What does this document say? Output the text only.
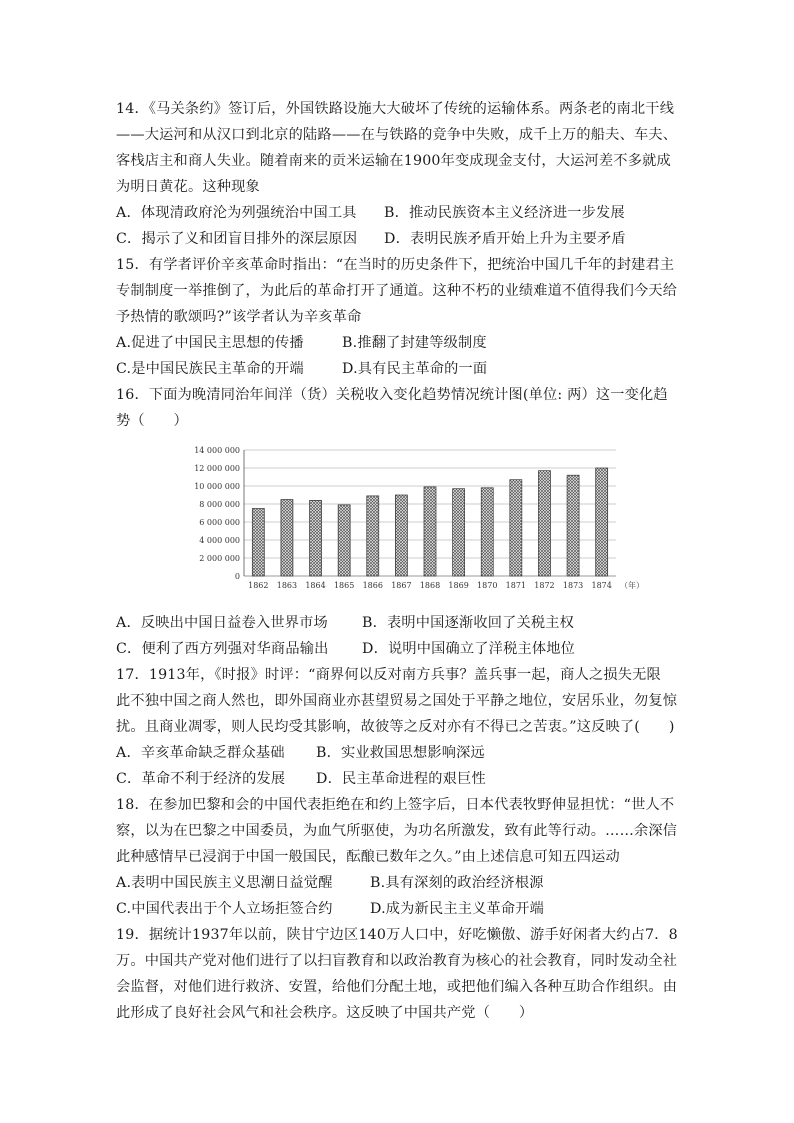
14．《马关条约》签订后，外国铁路设施大大破坏了传统的运输体系。两条老的南北干线
——大运河和从汉口到北京的陆路——在与铁路的竞争中失败，成千上万的船夫、车夫、
客栈店主和商人失业。随着南来的贡米运输在1900年变成现金支付，大运河差不多就成
为明日黄花。这种现象
A．体现清政府沦为列强统治中国工具	B．推动民族资本主义经济进一步发展
C．揭示了义和团盲目排外的深层原因	D．表明民族矛盾开始上升为主要矛盾
15．有学者评价辛亥革命时指出：“在当时的历史条件下，把统治中国几千年的封建君主
专制制度一举推倒了，为此后的革命打开了通道。这种不朽的业绩难道不值得我们今天给
予热情的歌颂吗?”该学者认为辛亥革命
A.促进了中国民主思想的传播	B.推翻了封建等级制度
C.是中国民族民主革命的开端	D.具有民主革命的一面
16．下面为晚清同治年间洋（货）关税收入变化趋势情况统计图(单位: 两）这一变化趋
势（　　）
0
2 000 000
4 000 000
6 000 000
8 000 000
10 000 000
12 000 000
14 000 000
1862 1863 1864 1865 1866 1867 1868 1869 1870 1871 1872 1873 1874 （年）
A．反映出中国日益卷入世界市场	B．表明中国逐渐收回了关税主权
C．便利了西方列强对华商品输出	D．说明中国确立了洋税主体地位
17．1913年，《时报》时评：“商界何以反对南方兵事？盖兵事一起，商人之损失无限
此不独中国之商人然也，即外国商业亦甚望贸易之国处于平静之地位，安居乐业，勿复惊
扰。且商业凋零，则人民均受其影响，故彼等之反对亦有不得已之苦衷。”这反映了(　　)
A．辛亥革命缺乏群众基础	B．实业救国思想影响深远
C．革命不利于经济的发展	D．民主革命进程的艰巨性
18．在参加巴黎和会的中国代表拒绝在和约上签字后，日本代表牧野伸显担忧：“世人不
察，以为在巴黎之中国委员，为血气所驱使，为功名所激发，致有此等行动。……余深信
此种感情早已浸润于中国一般国民，酝酿已数年之久。”由上述信息可知五四运动
A.表明中国民族主义思潮日益觉醒	B.具有深刻的政治经济根源
C.中国代表出于个人立场拒签合约	D.成为新民主主义革命开端
19．据统计1937年以前，陕甘宁边区140万人口中，好吃懒傲、游手好闲者大约占7．8
万。中国共产党对他们进行了以扫盲教育和以政治教育为核心的社会教育，同时发动全社
会监督，对他们进行救济、安置，给他们分配土地，或把他们编入各种互助合作组织。由
此形成了良好社会风气和社会秩序。这反映了中国共产党（　　）
